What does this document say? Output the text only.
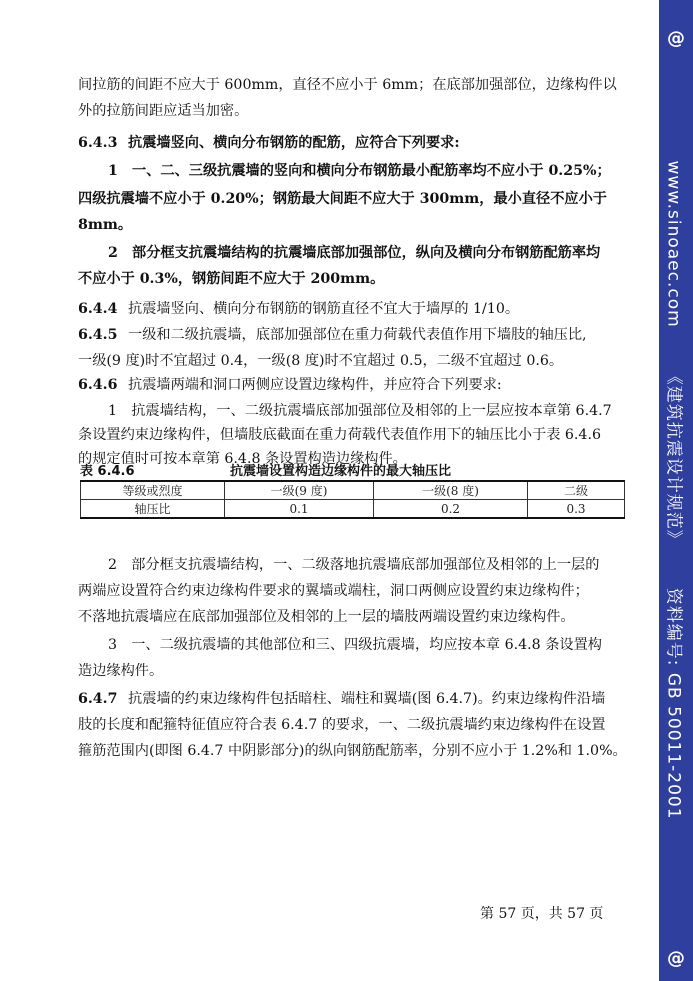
间拉筋的间距不应大于 600mm，直径不应小于 6mm；在底部加强部位，边缘构件以
外的拉筋间距应适当加密。
6.4.3 抗震墙竖向、横向分布钢筋的配筋，应符合下列要求:
1　一、二、三级抗震墙的竖向和横向分布钢筋最小配筋率均不应小于 0.25%；
四级抗震墙不应小于 0.20%；钢筋最大间距不应大于 300mm，最小直径不应小于
8mm。
2　部分框支抗震墙结构的抗震墙底部加强部位，纵向及横向分布钢筋配筋率均
不应小于 0.3%，钢筋间距不应大于 200mm。
6.4.4 抗震墙竖向、横向分布钢筋的钢筋直径不宜大于墙厚的 1/10。
6.4.5 一级和二级抗震墙，底部加强部位在重力荷载代表值作用下墙肢的轴压比,
一级(9 度)时不宜超过 0.4，一级(8 度)时不宜超过 0.5，二级不宜超过 0.6。
6.4.6 抗震墙两端和洞口两侧应设置边缘构件，并应符合下列要求:
1　抗震墙结构，一、二级抗震墙底部加强部位及相邻的上一层应按本章第 6.4.7
条设置约束边缘构件，但墙肢底截面在重力荷载代表值作用下的轴压比小于表 6.4.6
的规定值时可按本章第 6.4.8 条设置构造边缘构件。
2　部分框支抗震墙结构，一、二级落地抗震墙底部加强部位及相邻的上一层的
两端应设置符合约束边缘构件要求的翼墙或端柱，洞口两侧应设置约束边缘构件；
不落地抗震墙应在底部加强部位及相邻的上一层的墙肢两端设置约束边缘构件。
3　一、二级抗震墙的其他部位和三、四级抗震墙，均应按本章 6.4.8 条设置构
造边缘构件。
6.4.7 抗震墙的约束边缘构件包括暗柱、端柱和翼墙(图 6.4.7)。约束边缘构件沿墙
肢的长度和配箍特征值应符合表 6.4.7 的要求，一、二级抗震墙约束边缘构件在设置
箍筋范围内(即图 6.4.7 中阴影部分)的纵向钢筋配筋率，分别不应小于 1.2%和 1.0%。
表 6.4.6	抗震墙设置构造边缘构件的最大轴压比
等级或烈度	一级(9 度)	一级(8 度)	二级
轴压比	0.1	0.2	0.3
第 57 页，共 57 页
@
www.sinoaec.com《建筑抗震设计规范》资料编号: GB 50011-2001
@
